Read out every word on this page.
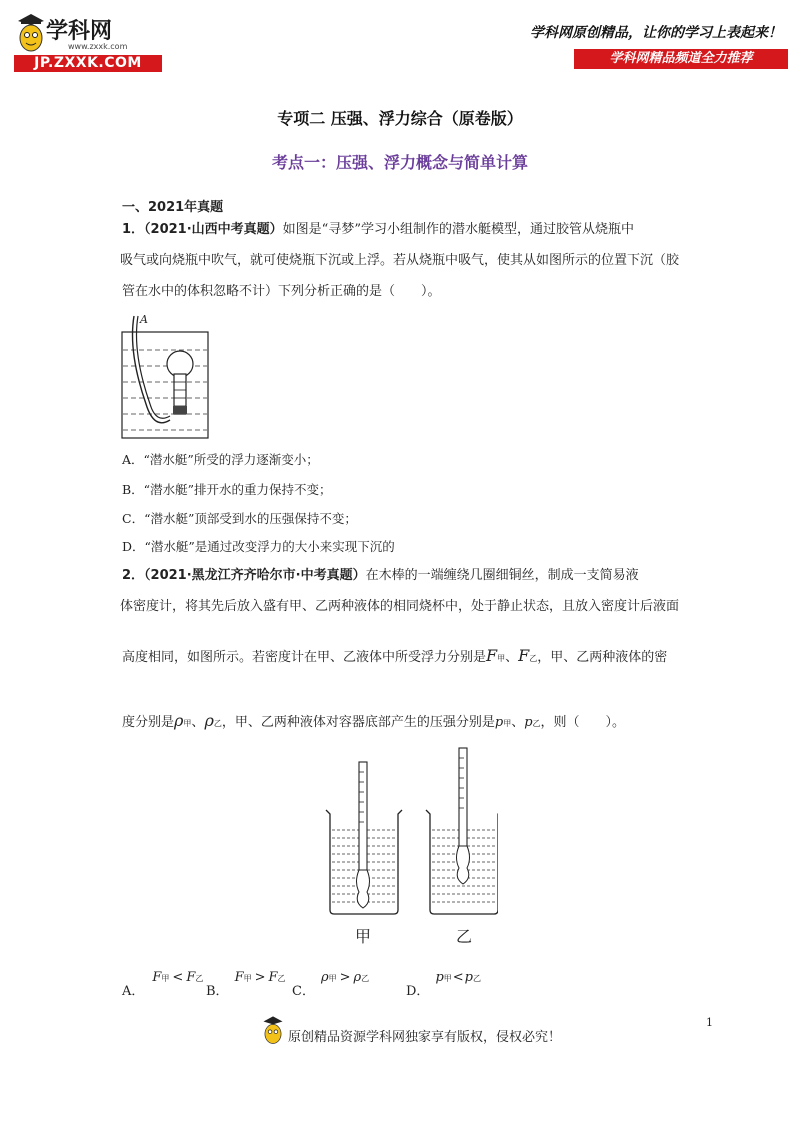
学科网
www.zxxk.com
JP.ZXXK.COM
学科网原创精品，让你的学习上表起来！
学科网精品频道全力推荐
专项二 压强、浮力综合（原卷版）
考点一：压强、浮力概念与简单计算
一、2021年真题
1．（2021·山西中考真题）如图是“寻梦”学习小组制作的潜水艇模型，通过胶管从烧瓶中
吸气或向烧瓶中吹气，就可使烧瓶下沉或上浮。若从烧瓶中吸气，使其从如图所示的位置下沉（胶
管在水中的体积忽略不计）下列分析正确的是（　　）。
A
A．“潜水艇”所受的浮力逐渐变小；
B．“潜水艇”排开水的重力保持不变；
C．“潜水艇”顶部受到水的压强保持不变；
D．“潜水艇”是通过改变浮力的大小来实现下沉的
2．（2021·黑龙江齐齐哈尔市·中考真题）在木棒的一端缠绕几圈细铜丝，制成一支简易液
体密度计，将其先后放入盛有甲、乙两种液体的相同烧杯中，处于静止状态，且放入密度计后液面
高度相同，如图所示。若密度计在甲、乙液体中所受浮力分别是F甲、F乙，甲、乙两种液体的密
度分别是ρ甲、ρ乙，甲、乙两种液体对容器底部产生的压强分别是p甲、p乙，则（　　）。
甲	乙
A．F甲 < F乙
B．F甲 > F乙
C．ρ甲 > ρ乙
D．p甲<p乙
1
原创精品资源学科网独家享有版权，侵权必究！
